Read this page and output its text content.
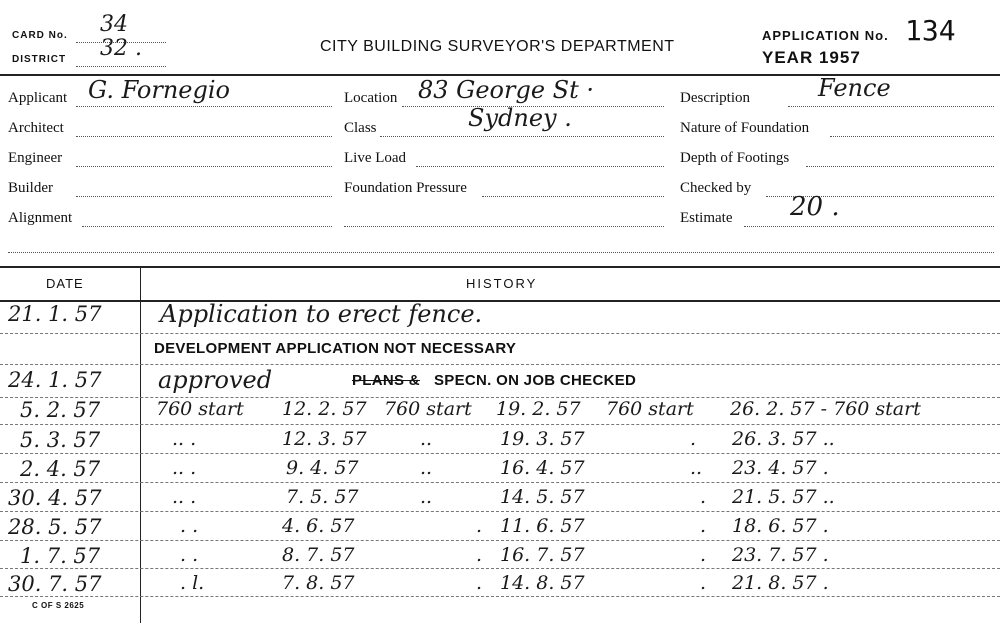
CARD No. 34
DISTRICT 32 .	CITY BUILDING SURVEYOR'S DEPARTMENT
APPLICATION No. 134
YEAR 1957
Applicant G. Fornegio
Architect
Engineer
Builder
Alignment
Location 83 George St ·
Class	Sydney .
Live Load
Foundation Pressure
Description	Fence
Nature of Foundation
Depth of Footings
Checked by
Estimate 20 .
DATE	HISTORY
21. 1. 57 Application to erect fence.
DEVELOPMENT APPLICATION NOT NECESSARY
24. 1. 57 approved	PLANS & SPECN. ON JOB CHECKED
5. 2. 57	760 start 12. 2. 57 760 start 19. 2. 57 760 start 26. 2. 57 - 760 start
5. 3. 57	.. .	12. 3. 57	..	19. 3. 57	. 26. 3. 57 ..
2. 4. 57	.. .	9. 4. 57	..	16. 4. 57	.. 23. 4. 57 .
30. 4. 57	.. .	7. 5. 57	..	14. 5. 57	. 21. 5. 57 ..
28. 5. 57	. .	4. 6. 57	. 11. 6. 57	. 18. 6. 57 .
1. 7. 57	. .	8. 7. 57	. 16. 7. 57	. 23. 7. 57 .
30. 7. 57	. l.	7. 8. 57	. 14. 8. 57	. 21. 8. 57 .
C OF S 2625
